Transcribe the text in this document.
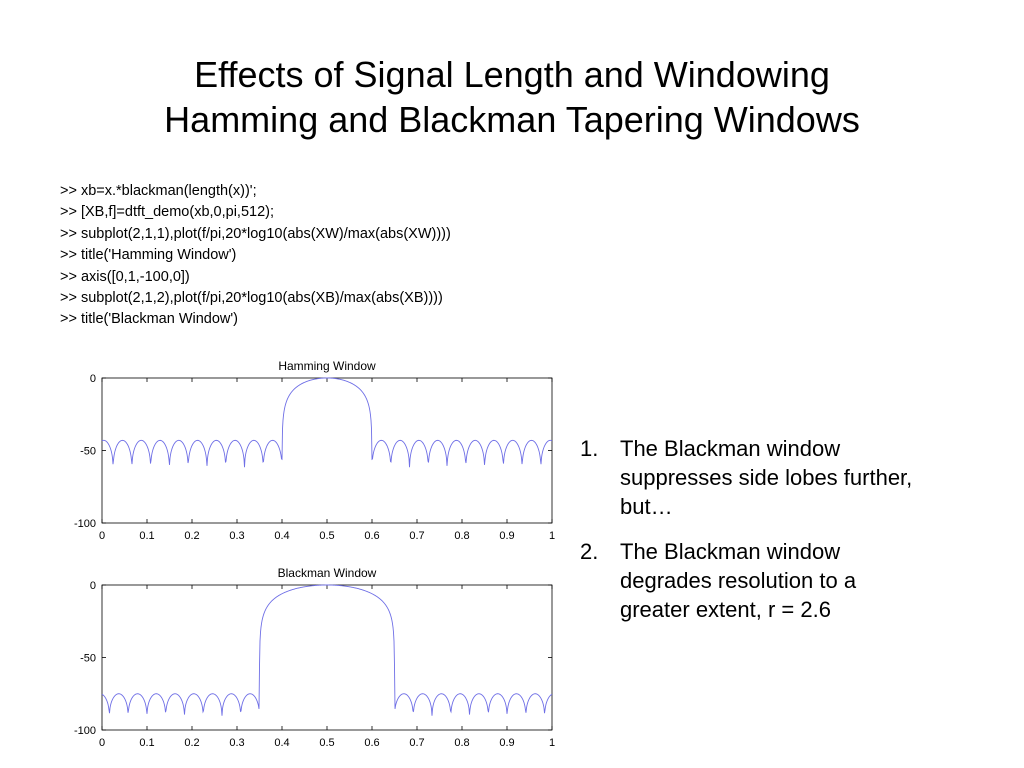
Effects of Signal Length and Windowing
Hamming and Blackman Tapering Windows
>> xb=x.*blackman(length(x))';
>> [XB,f]=dtft_demo(xb,0,pi,512);
>> subplot(2,1,1),plot(f/pi,20*log10(abs(XW)/max(abs(XW))))
>> title('Hamming Window')
>> axis([0,1,-100,0])
>> subplot(2,1,2),plot(f/pi,20*log10(abs(XB)/max(abs(XB))))
>> title('Blackman Window')
Hamming Window
0	0.1	0.2	0.3	0.4	0.5	0.6	0.7	0.8	0.9	1
0
-50
-100
Blackman Window
0	0.1	0.2	0.3	0.4	0.5	0.6	0.7	0.8	0.9	1
0
-50
-100
1. The Blackman window suppresses side lobes further, but…
2. The Blackman window degrades resolution to a greater extent, r = 2.6
